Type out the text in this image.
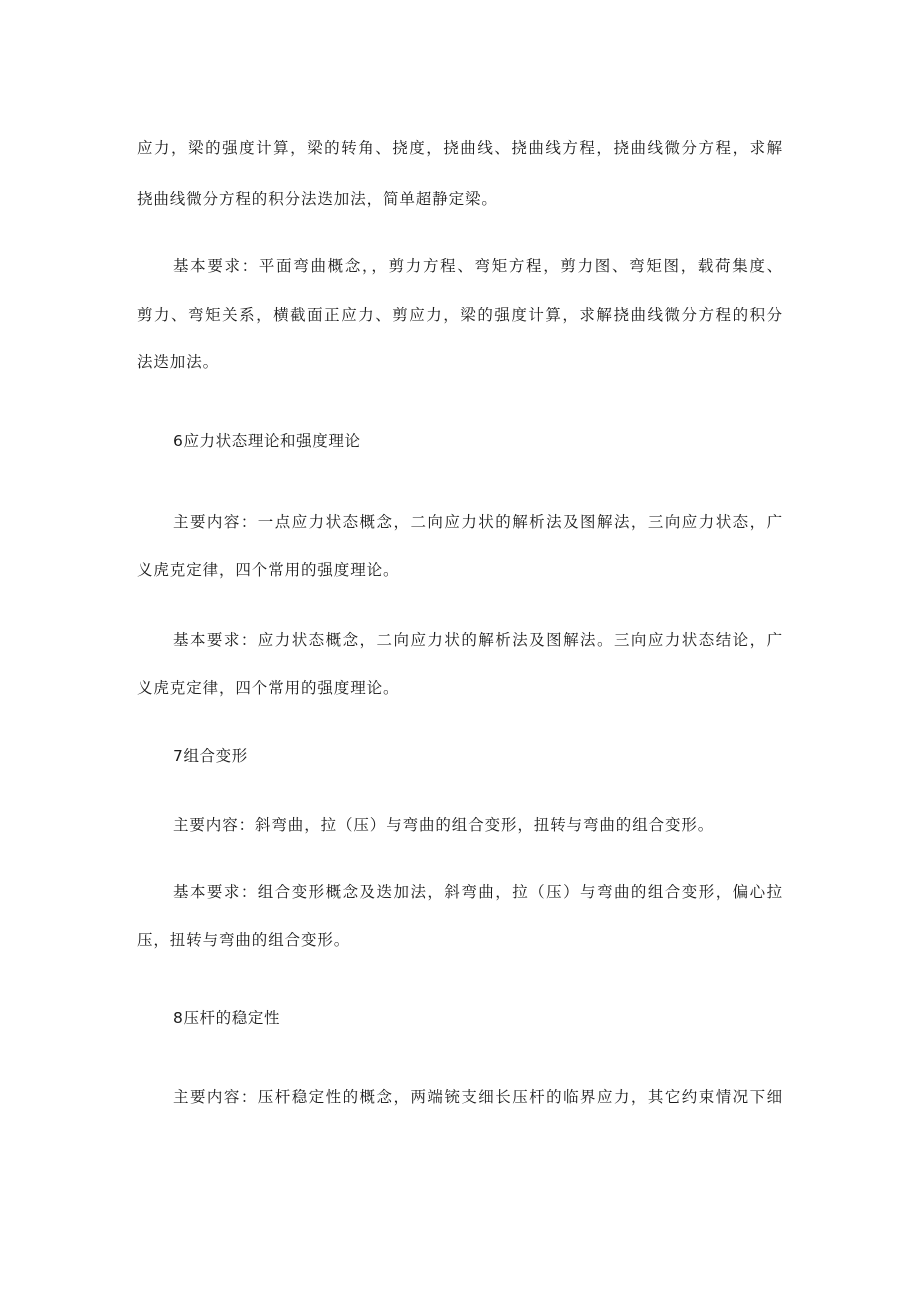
应力，梁的强度计算，梁的转角、挠度，挠曲线、挠曲线方程，挠曲线微分方程，求解
挠曲线微分方程的积分法迭加法，简单超静定梁。
基本要求：平面弯曲概念，，剪力方程、弯矩方程，剪力图、弯矩图，载荷集度、
剪力、弯矩关系，横截面正应力、剪应力，梁的强度计算，求解挠曲线微分方程的积分
法迭加法。
6应力状态理论和强度理论
主要内容：一点应力状态概念，二向应力状的解析法及图解法，三向应力状态，广
义虎克定律，四个常用的强度理论。
基本要求：应力状态概念，二向应力状的解析法及图解法。三向应力状态结论，广
义虎克定律，四个常用的强度理论。
7组合变形
主要内容：斜弯曲，拉（压）与弯曲的组合变形，扭转与弯曲的组合变形。
基本要求：组合变形概念及迭加法，斜弯曲，拉（压）与弯曲的组合变形，偏心拉
压，扭转与弯曲的组合变形。
8压杆的稳定性
主要内容：压杆稳定性的概念，两端铳支细长压杆的临界应力，其它约束情况下细
